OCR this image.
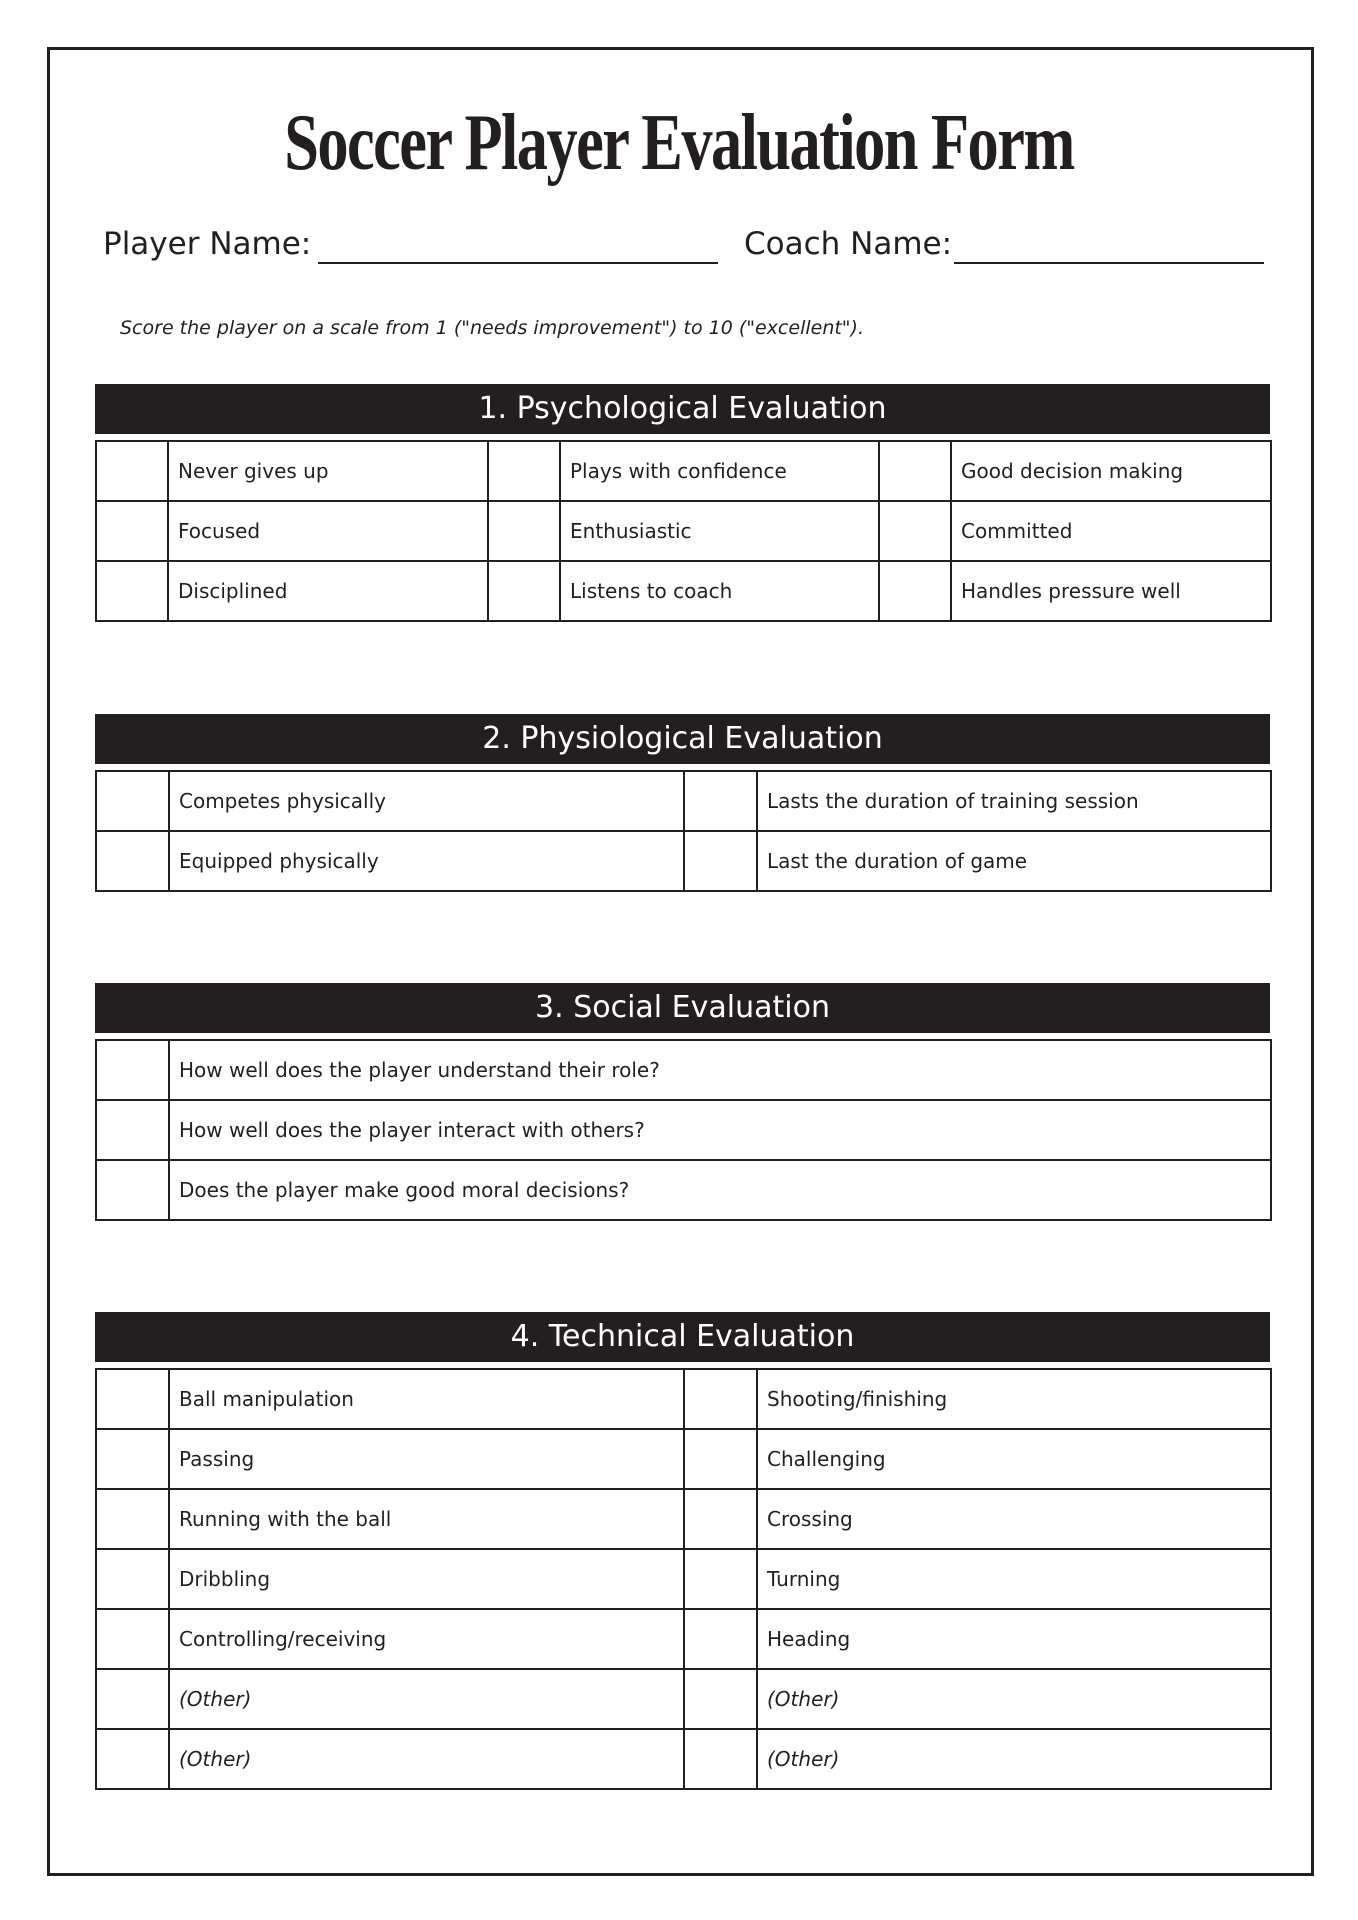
Soccer Player Evaluation Form
Player Name:	Coach Name:
Score the player on a scale from 1 ("needs improvement") to 10 ("excellent").
1. Psychological Evaluation
	Never gives up		Plays with confidence		Good decision making
	Focused		Enthusiastic		Committed
	Disciplined		Listens to coach		Handles pressure well
2. Physiological Evaluation
	Competes physically		Lasts the duration of training session
	Equipped physically		Last the duration of game
3. Social Evaluation
	How well does the player understand their role?
	How well does the player interact with others?
	Does the player make good moral decisions?
4. Technical Evaluation
	Ball manipulation		Shooting/finishing
	Passing		Challenging
	Running with the ball		Crossing
	Dribbling		Turning
	Controlling/receiving		Heading
	(Other)		(Other)
	(Other)		(Other)
